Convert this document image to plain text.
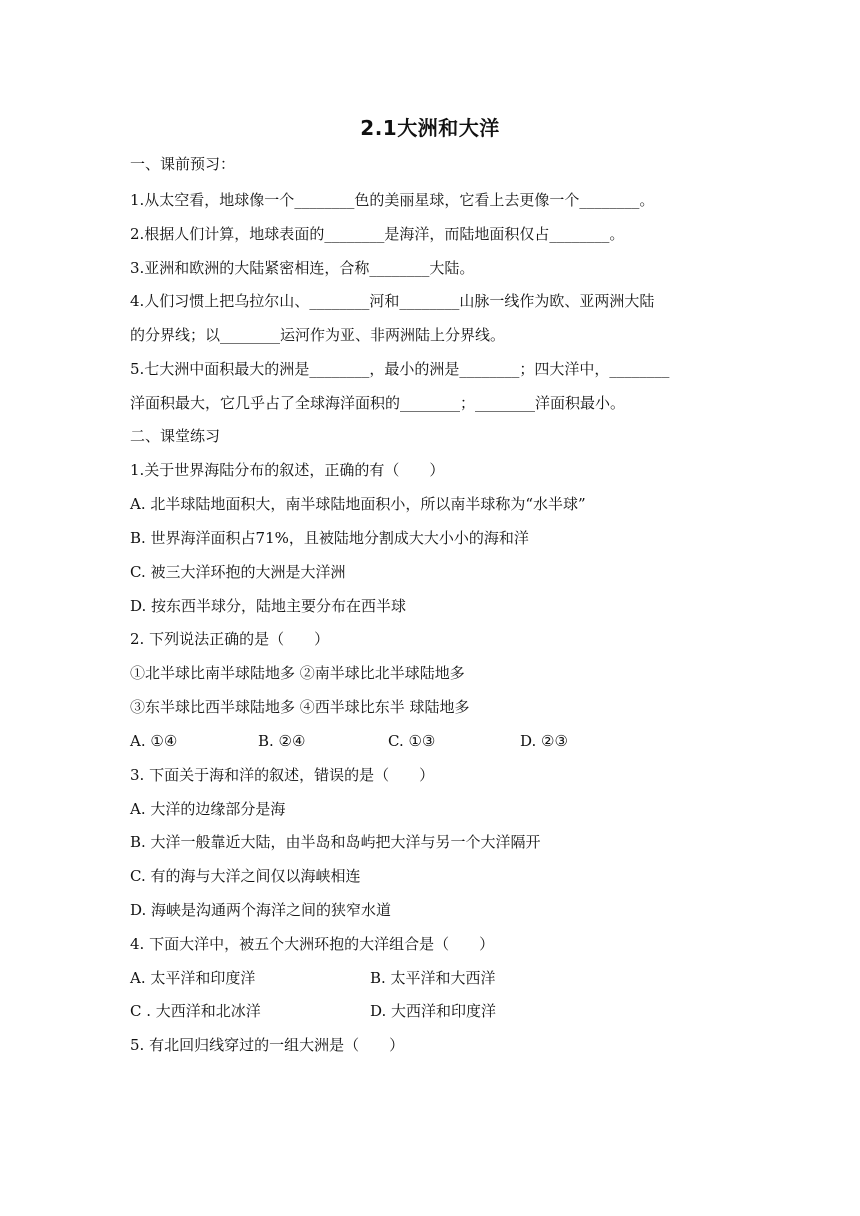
2.1大洲和大洋
一、课前预习：
1.从太空看，地球像一个________色的美丽星球，它看上去更像一个________。
2.根据人们计算，地球表面的________是海洋，而陆地面积仅占________。
3.亚洲和欧洲的大陆紧密相连，合称________大陆。
4.人们习惯上把乌拉尔山、________河和________山脉一线作为欧、亚两洲大陆
的分界线；以________运河作为亚、非两洲陆上分界线。
5.七大洲中面积最大的洲是________，最小的洲是________；四大洋中，________
洋面积最大，它几乎占了全球海洋面积的________；________洋面积最小。
二、课堂练习
1.关于世界海陆分布的叙述，正确的有（　　）
A. 北半球陆地面积大，南半球陆地面积小，所以南半球称为“水半球”
B. 世界海洋面积占71%，且被陆地分割成大大小小的海和洋
C. 被三大洋环抱的大洲是大洋洲
D. 按东西半球分，陆地主要分布在西半球
2. 下列说法正确的是（　　）
①北半球比南半球陆地多 ②南半球比北半球陆地多
③东半球比西半球陆地多 ④西半球比东半 球陆地多
A. ①④	B. ②④	C. ①③	D. ②③
3. 下面关于海和洋的叙述，错误的是（　　）
A. 大洋的边缘部分是海
B. 大洋一般靠近大陆，由半岛和岛屿把大洋与另一个大洋隔开
C. 有的海与大洋之间仅以海峡相连
D. 海峡是沟通两个海洋之间的狭窄水道
4. 下面大洋中，被五个大洲环抱的大洋组合是（　　）
A. 太平洋和印度洋	B. 太平洋和大西洋
C . 大西洋和北冰洋	D. 大西洋和印度洋
5. 有北回归线穿过的一组大洲是（　　）
